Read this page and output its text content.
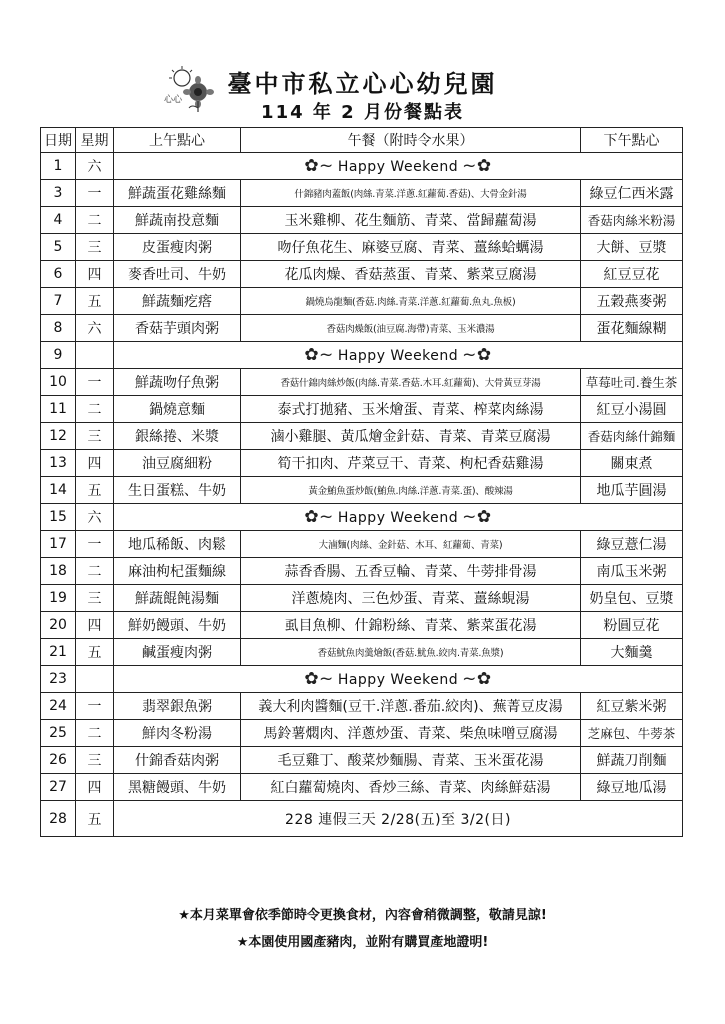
心心
臺中市私立心心幼兒園
114 年 2 月份餐點表
日期	星期	上午點心	午餐（附時令水果）	下午點心
1	六	✿~ Happy Weekend ~✿		
3	一	鮮蔬蛋花雞絲麵	什錦豬肉蓋飯(肉絲.青菜.洋蔥.紅蘿蔔.香菇)、大骨金針湯	綠豆仁西米露
4	二	鮮蔬南投意麵	玉米雞柳、花生麵筋、青菜、當歸蘿蔔湯	香菇肉絲米粉湯
5	三	皮蛋瘦肉粥	吻仔魚花生、麻婆豆腐、青菜、薑絲蛤蠣湯	大餅、豆漿
6	四	麥香吐司、牛奶	花瓜肉燥、香菇蒸蛋、青菜、紫菜豆腐湯	紅豆豆花
7	五	鮮蔬麵疙瘩	鍋燒烏龍麵(香菇.肉絲.青菜.洋蔥.紅蘿蔔.魚丸.魚板)	五穀燕麥粥
8	六	香菇芋頭肉粥	香菇肉燥飯(油豆腐.海帶)青菜、玉米濃湯	蛋花麵線糊
9		✿~ Happy Weekend ~✿		
10	一	鮮蔬吻仔魚粥	香菇什錦肉絲炒飯(肉絲.青菜.香菇.木耳.紅蘿蔔)、大骨黃豆芽湯	草莓吐司.養生茶
11	二	鍋燒意麵	泰式打拋豬、玉米燴蛋、青菜、榨菜肉絲湯	紅豆小湯圓
12	三	銀絲捲、米漿	滷小雞腿、黃瓜燴金針菇、青菜、青菜豆腐湯	香菇肉絲什錦麵
13	四	油豆腐細粉	筍干扣肉、芹菜豆干、青菜、枸杞香菇雞湯	關東煮
14	五	生日蛋糕、牛奶	黃金鮪魚蛋炒飯(鮪魚.肉絲.洋蔥.青菜.蛋)、酸辣湯	地瓜芋圓湯
15	六	✿~ Happy Weekend ~✿		
17	一	地瓜稀飯、肉鬆	大滷麵(肉絲、金針菇、木耳、紅蘿蔔、青菜)	綠豆薏仁湯
18	二	麻油枸杞蛋麵線	蒜香香腸、五香豆輪、青菜、牛蒡排骨湯	南瓜玉米粥
19	三	鮮蔬餛飩湯麵	洋蔥燒肉、三色炒蛋、青菜、薑絲蜆湯	奶皇包、豆漿
20	四	鮮奶饅頭、牛奶	虱目魚柳、什錦粉絲、青菜、紫菜蛋花湯	粉圓豆花
21	五	鹹蛋瘦肉粥	香菇魷魚肉羹燴飯(香菇.魷魚.絞肉.青菜.魚漿)	大麵羹
23		✿~ Happy Weekend ~✿		
24	一	翡翠銀魚粥	義大利肉醬麵(豆干.洋蔥.番茄.絞肉)、蕪菁豆皮湯	紅豆紫米粥
25	二	鮮肉冬粉湯	馬鈴薯燜肉、洋蔥炒蛋、青菜、柴魚味噌豆腐湯	芝麻包、牛蒡茶
26	三	什錦香菇肉粥	毛豆雞丁、酸菜炒麵腸、青菜、玉米蛋花湯	鮮蔬刀削麵
27	四	黑糖饅頭、牛奶	紅白蘿蔔燒肉、香炒三絲、青菜、肉絲鮮菇湯	綠豆地瓜湯
28	五	228 連假三天 2/28(五)至 3/2(日)		
★本月菜單會依季節時令更換食材，內容會稍微調整，敬請見諒!
★本園使用國產豬肉，並附有購買產地證明!
